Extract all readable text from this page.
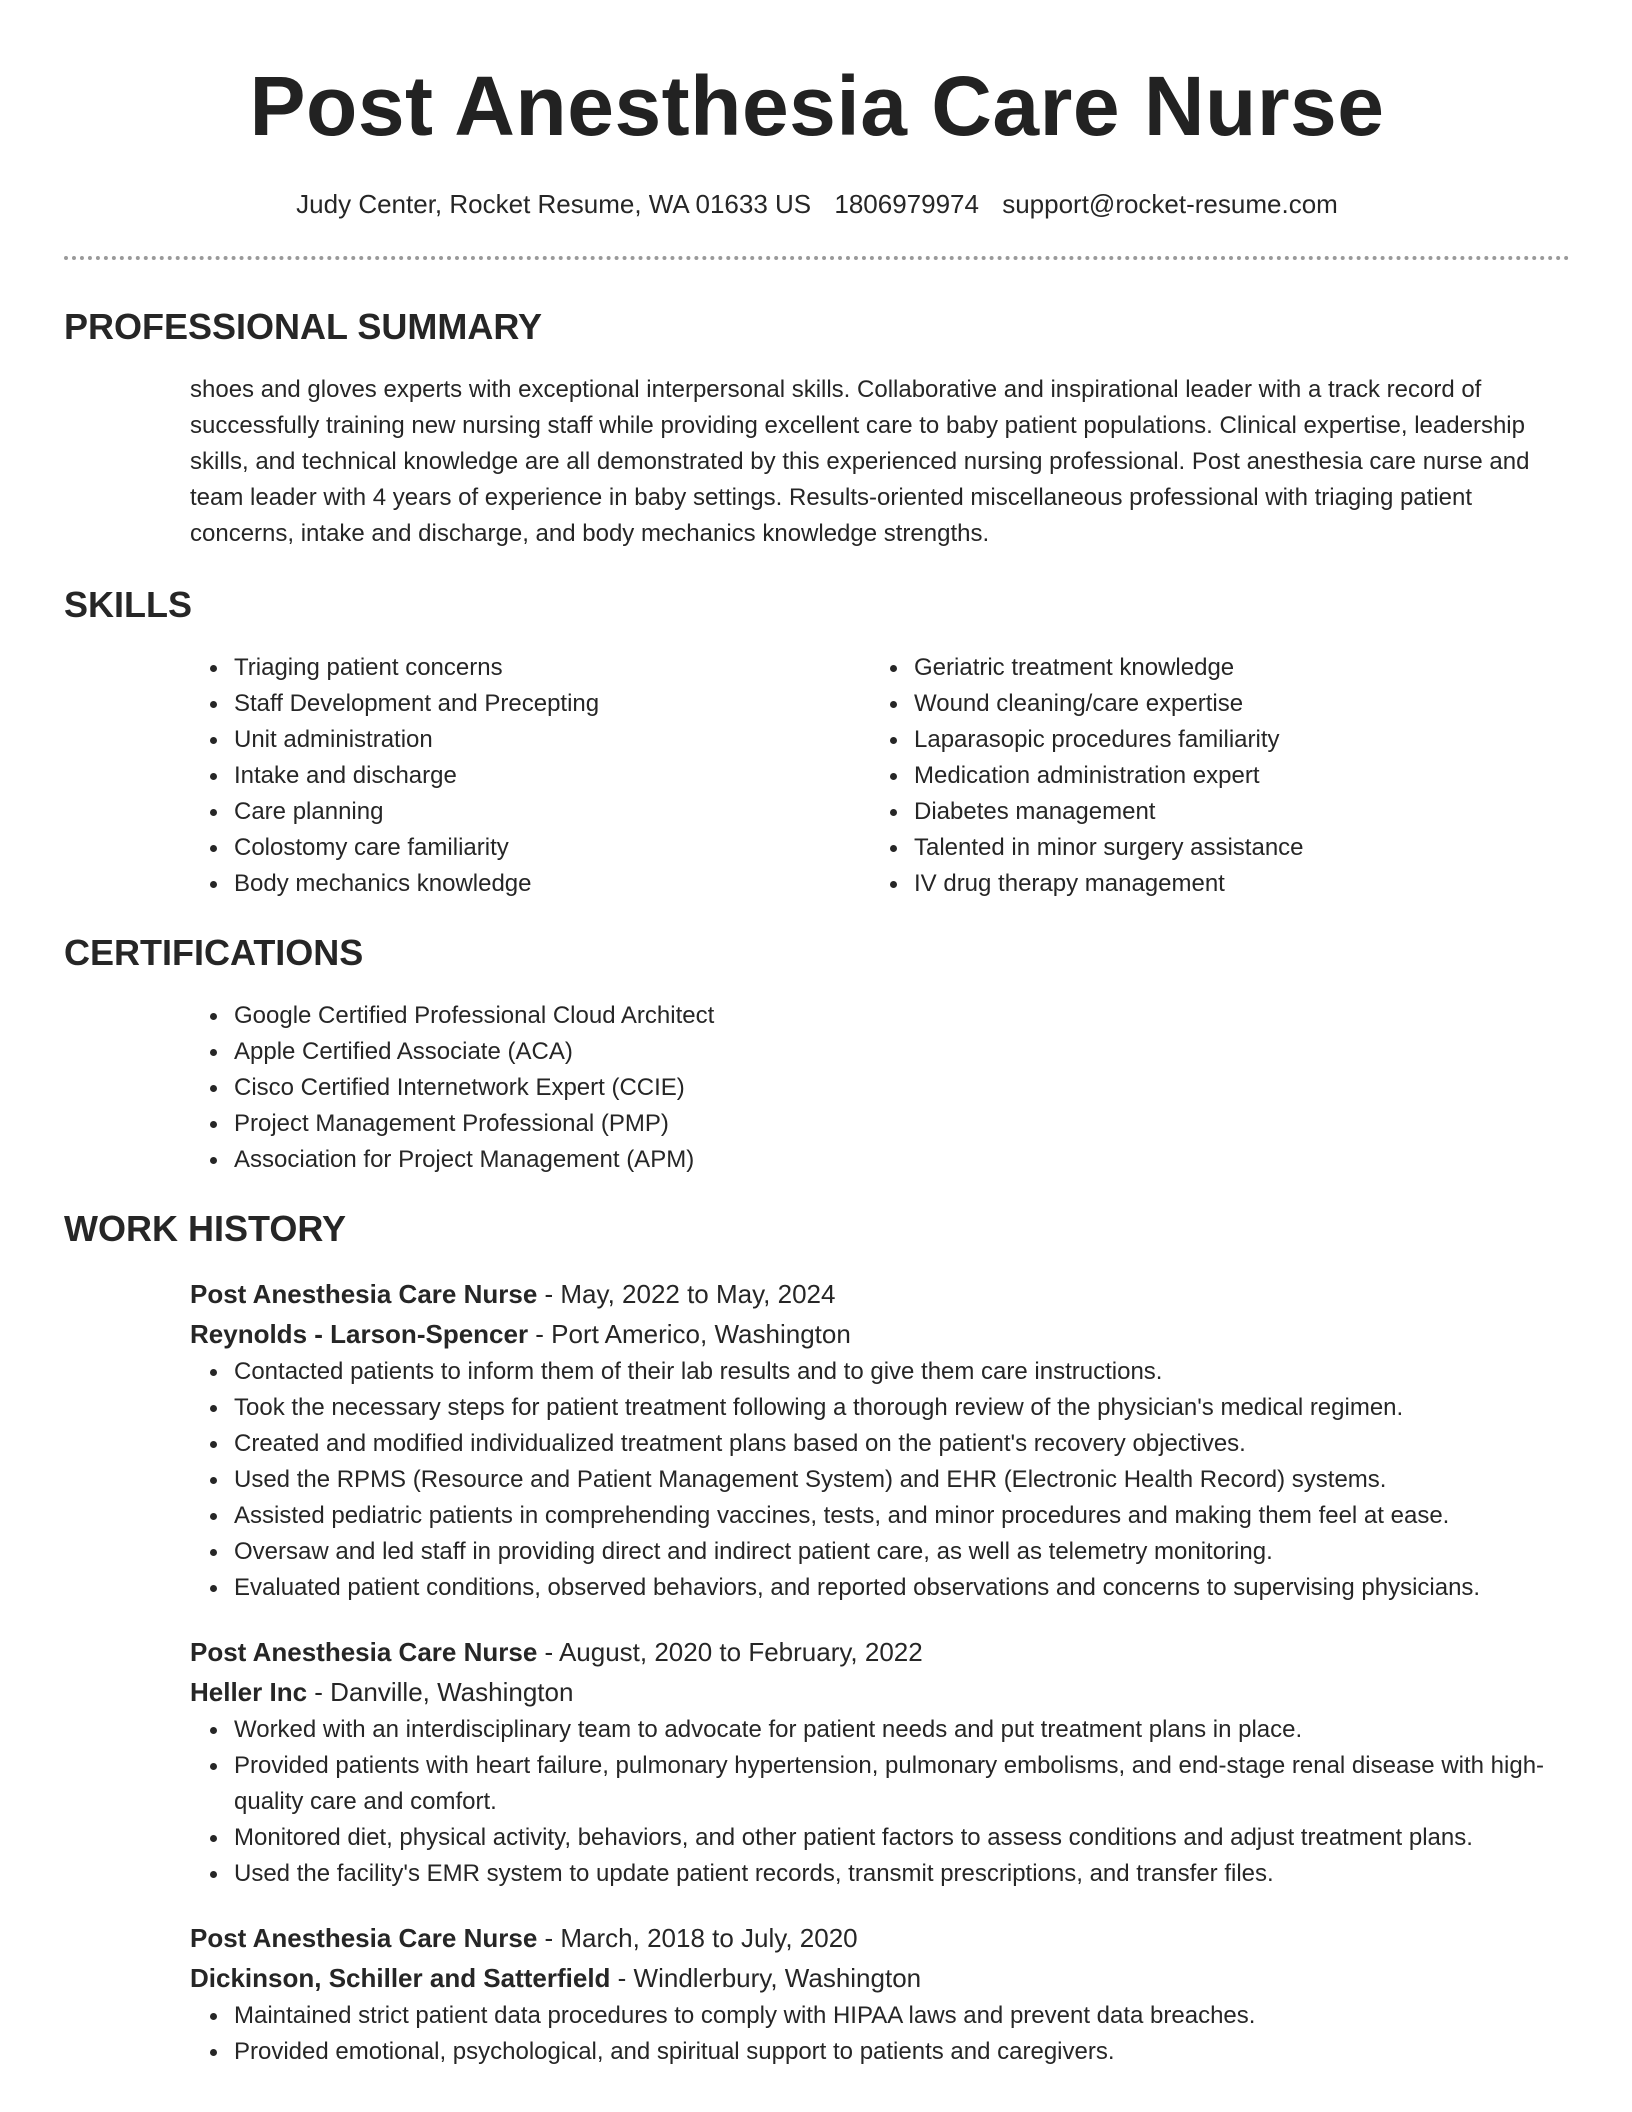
Post Anesthesia Care Nurse
Judy Center, Rocket Resume, WA 01633 US 1806979974 support@rocket-resume.com
PROFESSIONAL SUMMARY

shoes and gloves experts with exceptional interpersonal skills. Collaborative and inspirational leader with a track record of successfully training new nursing staff while providing excellent care to baby patient populations. Clinical expertise, leadership skills, and technical knowledge are all demonstrated by this experienced nursing professional. Post anesthesia care nurse and team leader with 4 years of experience in baby settings. Results-oriented miscellaneous professional with triaging patient concerns, intake and discharge, and body mechanics knowledge strengths.

SKILLS
Triaging patient concerns
Staff Development and Precepting
Unit administration
Intake and discharge
Care planning
Colostomy care familiarity
Body mechanics knowledge
Geriatric treatment knowledge
Wound cleaning/care expertise
Laparasopic procedures familiarity
Medication administration expert
Diabetes management
Talented in minor surgery assistance
IV drug therapy management
CERTIFICATIONS
Google Certified Professional Cloud Architect
Apple Certified Associate (ACA)
Cisco Certified Internetwork Expert (CCIE)
Project Management Professional (PMP)
Association for Project Management (APM)
WORK HISTORY

Post Anesthesia Care Nurse - May, 2022 to May, 2024

Reynolds - Larson-Spencer - Port Americo, Washington

Contacted patients to inform them of their lab results and to give them care instructions.
Took the necessary steps for patient treatment following a thorough review of the physician's medical regimen.
Created and modified individualized treatment plans based on the patient's recovery objectives.
Used the RPMS (Resource and Patient Management System) and EHR (Electronic Health Record) systems.
Assisted pediatric patients in comprehending vaccines, tests, and minor procedures and making them feel at ease.
Oversaw and led staff in providing direct and indirect patient care, as well as telemetry monitoring.
Evaluated patient conditions, observed behaviors, and reported observations and concerns to supervising physicians.

Post Anesthesia Care Nurse - August, 2020 to February, 2022

Heller Inc - Danville, Washington

Worked with an interdisciplinary team to advocate for patient needs and put treatment plans in place.
Provided patients with heart failure, pulmonary hypertension, pulmonary embolisms, and end-stage renal disease with high-quality care and comfort.
Monitored diet, physical activity, behaviors, and other patient factors to assess conditions and adjust treatment plans.
Used the facility's EMR system to update patient records, transmit prescriptions, and transfer files.

Post Anesthesia Care Nurse - March, 2018 to July, 2020

Dickinson, Schiller and Satterfield - Windlerbury, Washington

Maintained strict patient data procedures to comply with HIPAA laws and prevent data breaches.
Provided emotional, psychological, and spiritual support to patients and caregivers.
